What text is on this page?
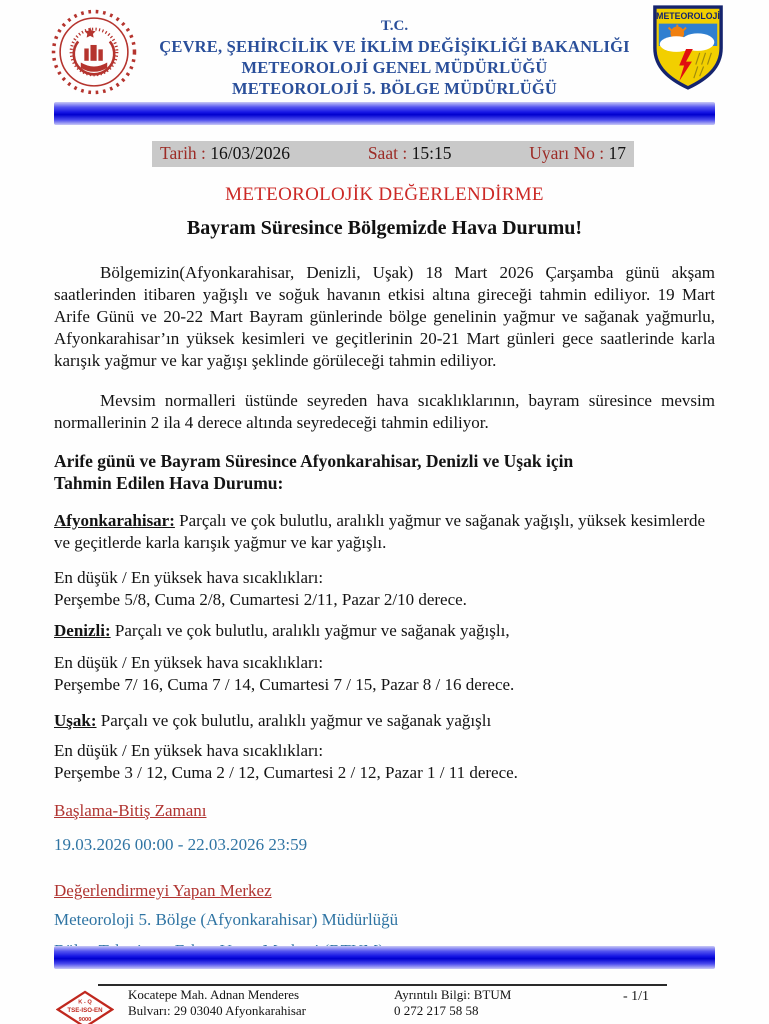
T.C.
ÇEVRE, ŞEHİRCİLİK VE İKLİM DEĞİŞİKLİĞİ BAKANLIĞI
METEOROLOJİ GENEL MÜDÜRLÜĞÜ
METEOROLOJİ 5. BÖLGE MÜDÜRLÜĞÜ
METEOROLOJİ
Tarih : 16/03/2026	Saat : 15:15	Uyarı No : 17
METEOROLOJİK DEĞERLENDİRME
Bayram Süresince Bölgemizde Hava Durumu!

Bölgemizin(Afyonkarahisar, Denizli, Uşak) 18 Mart 2026 Çarşamba günü akşam saatlerinden itibaren yağışlı ve soğuk havanın etkisi altına gireceği tahmin ediliyor. 19 Mart Arife Günü ve 20-22 Mart Bayram günlerinde bölge genelinin yağmur ve sağanak yağmurlu, Afyonkarahisar’ın yüksek kesimleri ve geçitlerinin 20-21 Mart günleri gece saatlerinde karla karışık yağmur ve kar yağışı şeklinde görüleceği tahmin ediliyor.

Mevsim normalleri üstünde seyreden hava sıcaklıklarının, bayram süresince mevsim normallerinin 2 ila 4 derece altında seyredeceği tahmin ediliyor.

Arife günü ve Bayram Süresince Afyonkarahisar, Denizli ve Uşak için
Tahmin Edilen Hava Durumu:
Afyonkarahisar: Parçalı ve çok bulutlu, aralıklı yağmur ve sağanak yağışlı, yüksek kesimlerde ve geçitlerde karla karışık yağmur ve kar yağışlı.
En düşük / En yüksek hava sıcaklıkları:
Perşembe 5/8, Cuma 2/8, Cumartesi 2/11, Pazar 2/10 derece.
Denizli: Parçalı ve çok bulutlu, aralıklı yağmur ve sağanak yağışlı,
En düşük / En yüksek hava sıcaklıkları:
Perşembe 7/ 16, Cuma 7 / 14, Cumartesi 7 / 15, Pazar 8 / 16 derece.
Uşak: Parçalı ve çok bulutlu, aralıklı yağmur ve sağanak yağışlı
En düşük / En yüksek hava sıcaklıkları:
Perşembe 3 / 12, Cuma 2 / 12, Cumartesi 2 / 12, Pazar 1 / 11 derece.
Başlama-Bitiş Zamanı
19.03.2026 00:00 - 22.03.2026 23:59
Değerlendirmeyi Yapan Merkez
Meteoroloji 5. Bölge (Afyonkarahisar) Müdürlüğü
K - Q
TSE-ISO-EN
9000
Kocatepe Mah. Adnan Menderes
Bulvarı: 29 03040 Afyonkarahisar
Ayrıntılı Bilgi: BTUM
0 272 217 58 58
- 1/1
